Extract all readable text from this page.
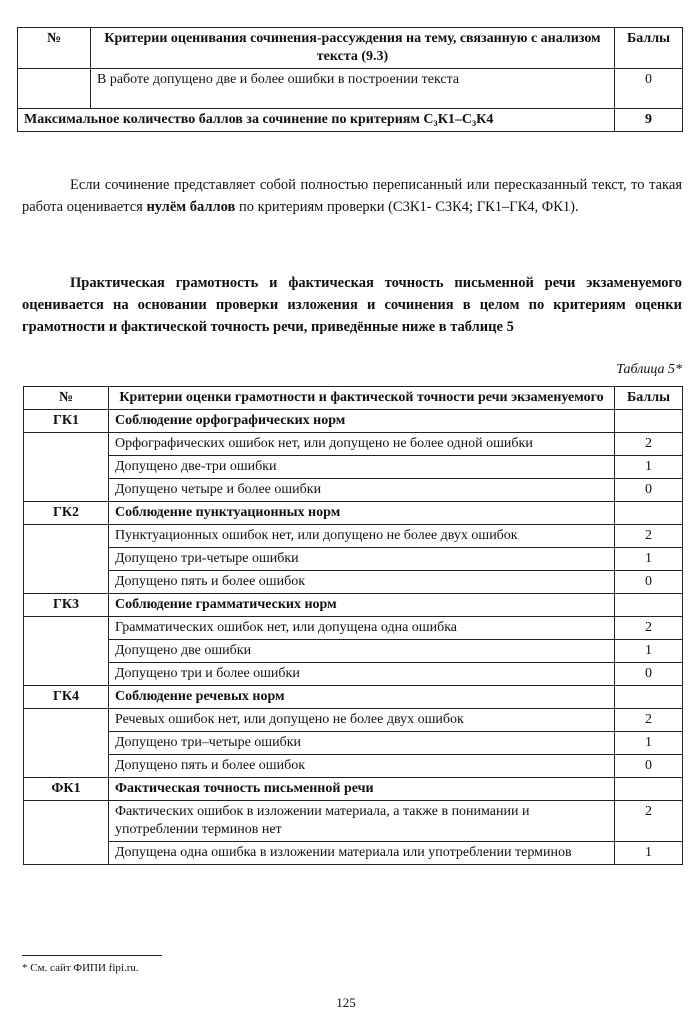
№	Критерии оценивания сочинения-рассуждения на тему, связанную с анализом текста (9.3)	Баллы
	В работе допущено две и более ошибки в построении текста	0
Максимальное количество баллов за сочинение по критериям С₃К1–С₃К4		9
Если сочинение представляет собой полностью переписанный или пересказанный текст, то такая работа оценивается нулём баллов по критериям проверки (С3К1- С3К4; ГК1–ГК4, ФК1).
Практическая грамотность и фактическая точность письменной речи экзаменуемого оценивается на основании проверки изложения и сочинения в целом по критериям оценки грамотности и фактической точность речи, приведённые ниже в таблице 5
Таблица 5*
№	Критерии оценки грамотности и фактической точности речи экзаменуемого	Баллы
ГК1	Соблюдение орфографических норм	
	Орфографических ошибок нет, или допущено не более одной ошибки	2
	Допущено две-три ошибки	1
	Допущено четыре и более ошибки	0
ГК2	Соблюдение пунктуационных норм	
	Пунктуационных ошибок нет, или допущено не более двух ошибок	2
	Допущено три-четыре ошибки	1
	Допущено пять и более ошибок	0
ГК3	Соблюдение грамматических норм	
	Грамматических ошибок нет, или допущена одна ошибка	2
	Допущено две ошибки	1
	Допущено три и более ошибки	0
ГК4	Соблюдение речевых норм	
	Речевых ошибок нет, или допущено не более двух ошибок	2
	Допущено три–четыре ошибки	1
	Допущено пять и более ошибок	0
ФК1	Фактическая точность письменной речи	
	Фактических ошибок в изложении материала, а также в понимании и употреблении терминов нет	2
	Допущена одна ошибка в изложении материала или употреблении терминов	1
* См. сайт ФИПИ fipi.ru.
125
